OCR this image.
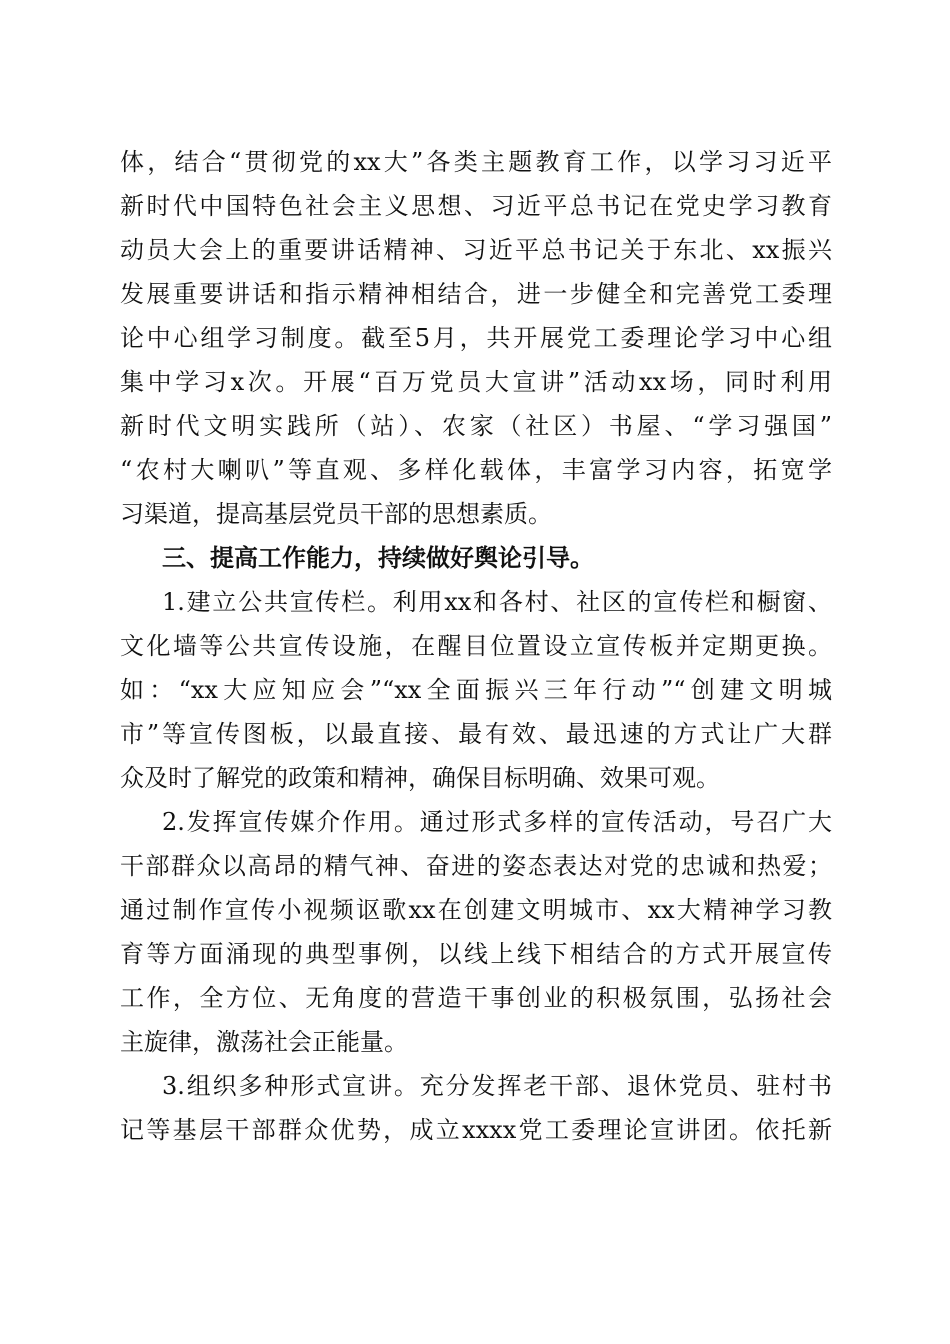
体，结合“贯彻党的xx大”各类主题教育工作，以学习习近平
新时代中国特色社会主义思想、习近平总书记在党史学习教育
动员大会上的重要讲话精神、习近平总书记关于东北、xx振兴
发展重要讲话和指示精神相结合，进一步健全和完善党工委理
论中心组学习制度。截至5月，共开展党工委理论学习中心组
集中学习x次。开展“百万党员大宣讲”活动xx场，同时利用
新时代文明实践所（站）、农家（社区）书屋、“学习强国”
“农村大喇叭”等直观、多样化载体，丰富学习内容，拓宽学
习渠道，提高基层党员干部的思想素质。
三、提高工作能力，持续做好舆论引导。
1.建立公共宣传栏。利用xx和各村、社区的宣传栏和橱窗、
文化墙等公共宣传设施，在醒目位置设立宣传板并定期更换。
如：“xx大应知应会”“xx全面振兴三年行动”“创建文明城
市”等宣传图板，以最直接、最有效、最迅速的方式让广大群
众及时了解党的政策和精神，确保目标明确、效果可观。
2.发挥宣传媒介作用。通过形式多样的宣传活动，号召广大
干部群众以高昂的精气神、奋进的姿态表达对党的忠诚和热爱；
通过制作宣传小视频讴歌xx在创建文明城市、xx大精神学习教
育等方面涌现的典型事例，以线上线下相结合的方式开展宣传
工作，全方位、无角度的营造干事创业的积极氛围，弘扬社会
主旋律，激荡社会正能量。
3.组织多种形式宣讲。充分发挥老干部、退休党员、驻村书
记等基层干部群众优势，成立xxxx党工委理论宣讲团。依托新
